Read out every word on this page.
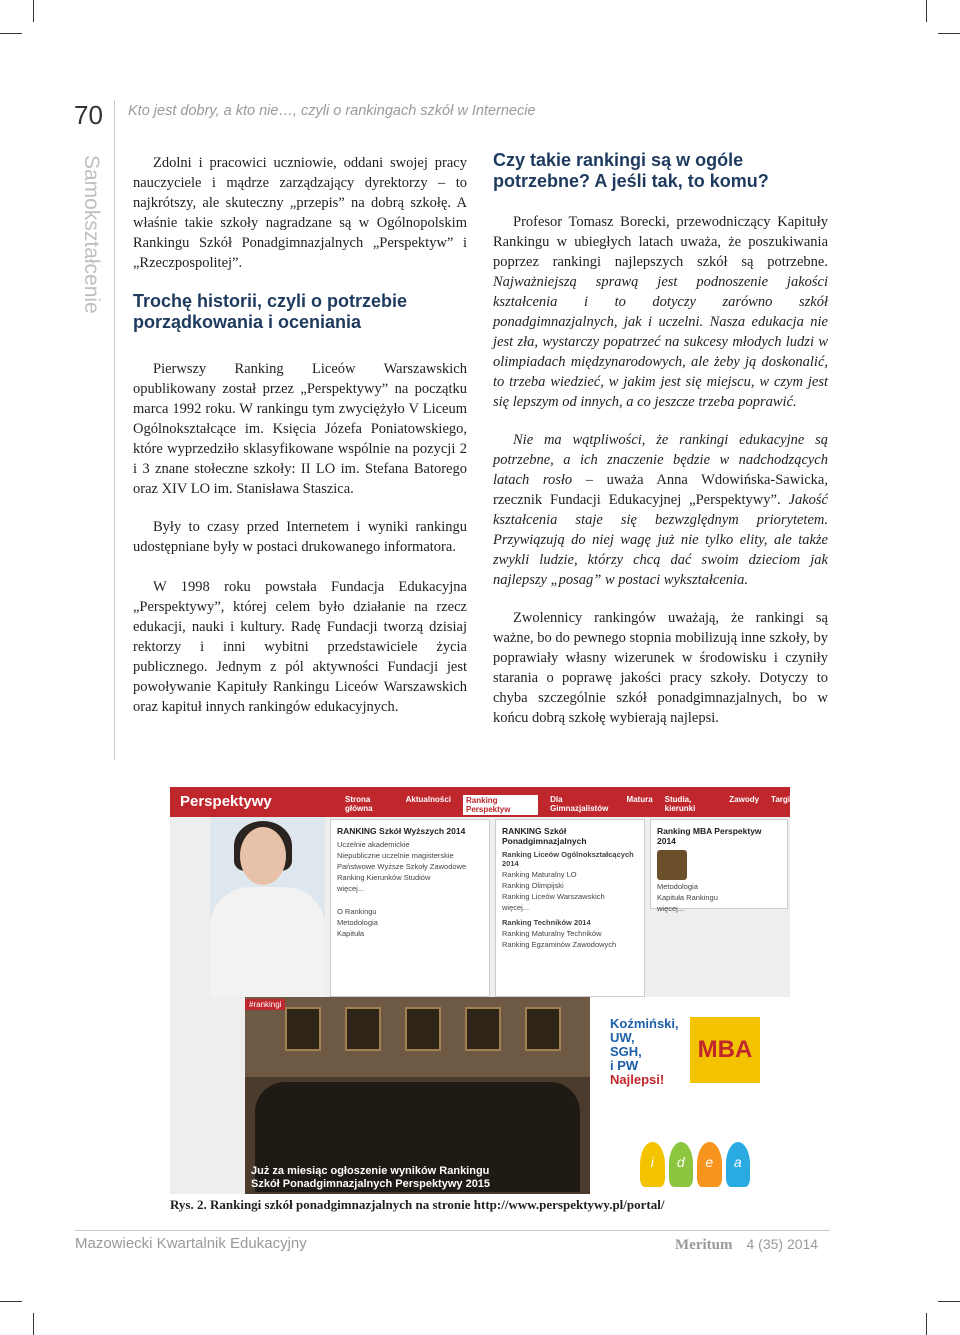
70 Kto jest dobry, a kto nie…, czyli o rankingach szkół w Internecie
Samokształcenie	Zdolni i pracowici uczniowie, oddani swojej pracy nauczyciele i mądrze zarządzający dyrektorzy – to najkrótszy, ale skuteczny „przepis” na dobrą szkołę. A właśnie takie szkoły nagradzane są w Ogólnopolskim Rankingu Szkół Ponadgimnazjalnych „Perspektyw” i „Rzeczpospolitej”.

Trochę historii, czyli o potrzebie porządkowania i oceniania

Pierwszy Ranking Liceów Warszawskich opublikowany został przez „Perspektywy” na początku marca 1992 roku. W rankingu tym zwyciężyło V Liceum Ogólnokształcące im. Księcia Józefa Poniatowskiego, które wyprzedziło sklasyfikowane wspólnie na pozycji 2 i 3 znane stołeczne szkoły: II LO im. Stefana Batorego oraz XIV LO im. Stanisława Staszica.

Były to czasy przed Internetem i wyniki rankingu udostępniane były w postaci drukowanego informatora.

W 1998 roku powstała Fundacja Edukacyjna „Perspektywy”, której celem było działanie na rzecz edukacji, nauki i kultury. Radę Fundacji tworzą dzisiaj rektorzy i inni wybitni przedstawiciele życia publicznego. Jednym z pól aktywności Fundacji jest powoływanie Kapituły Rankingu Liceów Warszawskich oraz kapituł innych rankingów edukacyjnych.

Czy takie rankingi są w ogóle potrzebne? A jeśli tak, to komu?

Profesor Tomasz Borecki, przewodniczący Kapituły Rankingu w ubiegłych latach uważa, że poszukiwania poprzez rankingi najlepszych szkół są potrzebne. Najważniejszą sprawą jest podnoszenie jakości kształcenia i to dotyczy zarówno szkół ponadgimnazjalnych, jak i uczelni. Nasza edukacja nie jest zła, wystarczy popatrzeć na sukcesy młodych ludzi w olimpiadach międzynarodowych, ale żeby ją doskonalić, to trzeba wiedzieć, w jakim jest się miejscu, w czym jest się lepszym od innych, a co jeszcze trzeba poprawić.

Nie ma wątpliwości, że rankingi edukacyjne są potrzebne, a ich znaczenie będzie w nadchodzących latach rosło – uważa Anna Wdowińska-Sawicka, rzecznik Fundacji Edukacyjnej „Perspektywy”. Jakość kształcenia staje się bezwzględnym priorytetem. Przywiązują do niej wagę już nie tylko elity, ale także zwykli ludzie, którzy chcą dać swoim dzieciom jak najlepszy „posag” w postaci wykształcenia.

Zwolennicy rankingów uważają, że rankingi są ważne, bo do pewnego stopnia mobilizują inne szkoły, by poprawiały własny wizerunek w środowisku i czyniły starania o poprawę jakości pracy szkoły. Dotyczy to chyba szczególnie szkół ponadgimnazjalnych, bo w końcu dobrą szkołę wybierają najlepsi.

Perspektywy	Strona główna
Aktualności	Ranking Perspektyw
Dla Gimnazjalistów
Matura Studia, kierunki
Zawody Targi
RANKING Szkół Wyższych 2014
Uczelnie akademickie
Niepubliczne uczelnie magisterskie
Państwowe Wyższe Szkoły Zawodowe
Ranking Kierunków Studiów
więcej...
O Rankingu
Metodologia
Kapituła
RANKING Szkół Ponadgimnazjalnych
Ranking Liceów Ogólnokształcących 2014
Ranking Maturalny LO
Ranking Olimpijski
Ranking Liceów Warszawskich
więcej...
Ranking Techników 2014
Ranking Maturalny Techników
Ranking Egzaminów Zawodowych
Ranking MBA Perspektyw 2014
Metodologia
Kapituła Rankingu
więcej...
#rankingi
Już za miesiąc ogłoszenie wyników Rankingu Szkół Ponadgimnazjalnych Perspektywy 2015
Koźmiński,
UW,
SGH,
i PW
Najlepsi!
MBA
i	d	e	a
Rys. 2. Rankingi szkół ponadgimnazjalnych na stronie http://www.perspektywy.pl/portal/
Mazowiecki Kwartalnik Edukacyjny	Meritum 4 (35) 2014
